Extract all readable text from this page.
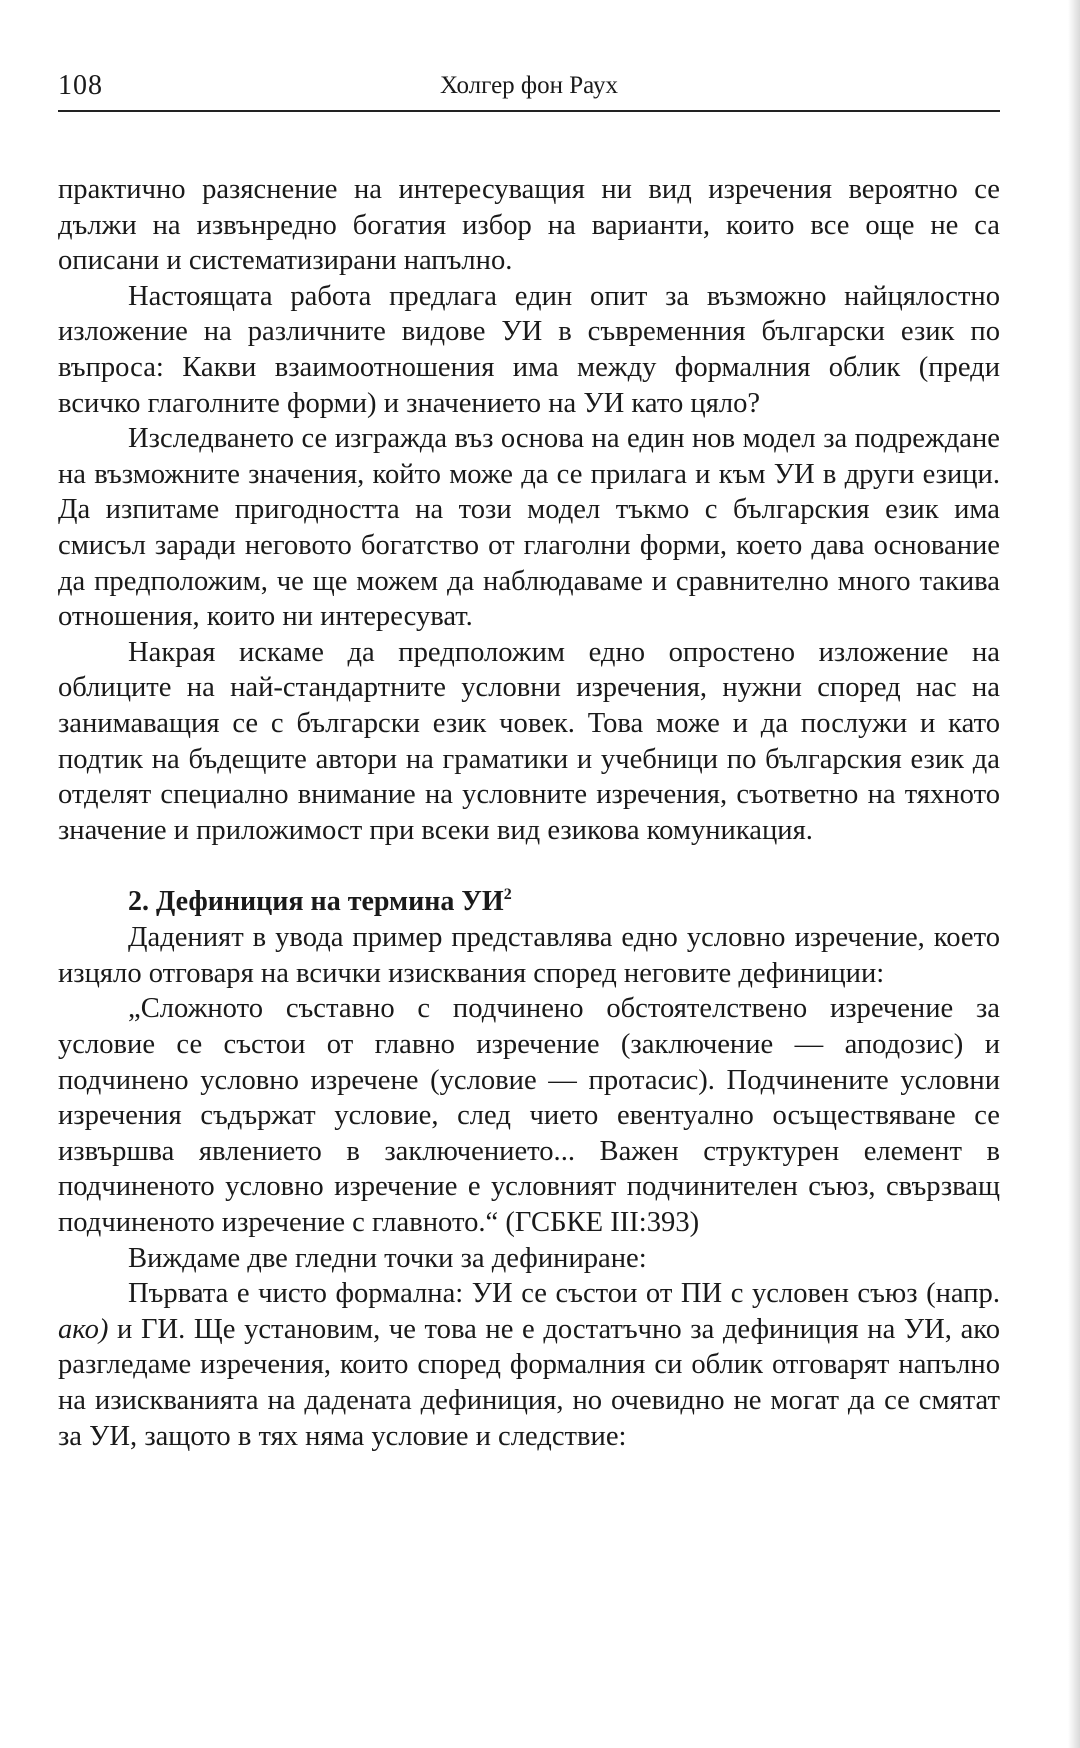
108	Холгер фон Раух

практично разяснение на интересуващия ни вид изречения вероятно се дължи на извънредно богатия избор на варианти, които все още не са описани и систематизирани напълно.

Настоящата работа предлага един опит за възможно найцялостно изложение на различните видове УИ в съвременния български език по въпроса: Какви взаимоотношения има между формалния облик (преди всичко глаголните форми) и значението на УИ като цяло?

Изследването се изгражда въз основа на един нов модел за подреждане на възможните значения, който може да се прилага и към УИ в други езици. Да изпитаме пригодността на този модел тъкмо с българския език има смисъл заради неговото богатство от глаголни форми, което дава основание да предположим, че ще можем да наблюдаваме и сравнително много такива отношения, които ни интересуват.

Накрая искаме да предположим едно опростено изложение на облиците на най-стандартните условни изречения, нужни според нас на занимаващия се с български език човек. Това може и да послужи и като подтик на бъдещите автори на граматики и учебници по българския език да отделят специално внимание на условните изречения, съответно на тяхното значение и приложимост при всеки вид езикова комуникация.

2. Дефиниция на термина $УИ^2$

Даденият в увода пример представлява едно условно изречение, което изцяло отговаря на всички изисквания според неговите дефиниции:

„Сложното съставно с подчинено обстоятелствено изречение за условие се състои от главно изречение (заключение — аподозис) и подчинено условно изречене (условие — протасис). Подчинените условни изречения съдържат условие, след чието евентуално осъществяване се извършва явлението в заключението... Важен структурен елемент в подчиненото условно изречение е условният подчинителен съюз, свързващ подчиненото изречение с главното.“ (ГСБКЕ III:393)

Виждаме две гледни точки за дефиниране:

Първата е чисто формална: УИ се състои от ПИ с условен съюз (напр. ако) и ГИ. Ще установим, че това не е достатъчно за дефиниция на УИ, ако разгледаме изречения, които според формалния си облик отговарят напълно на изискванията на дадената дефиниция, но очевидно не могат да се смятат за УИ, защото в тях няма условие и следствие:
